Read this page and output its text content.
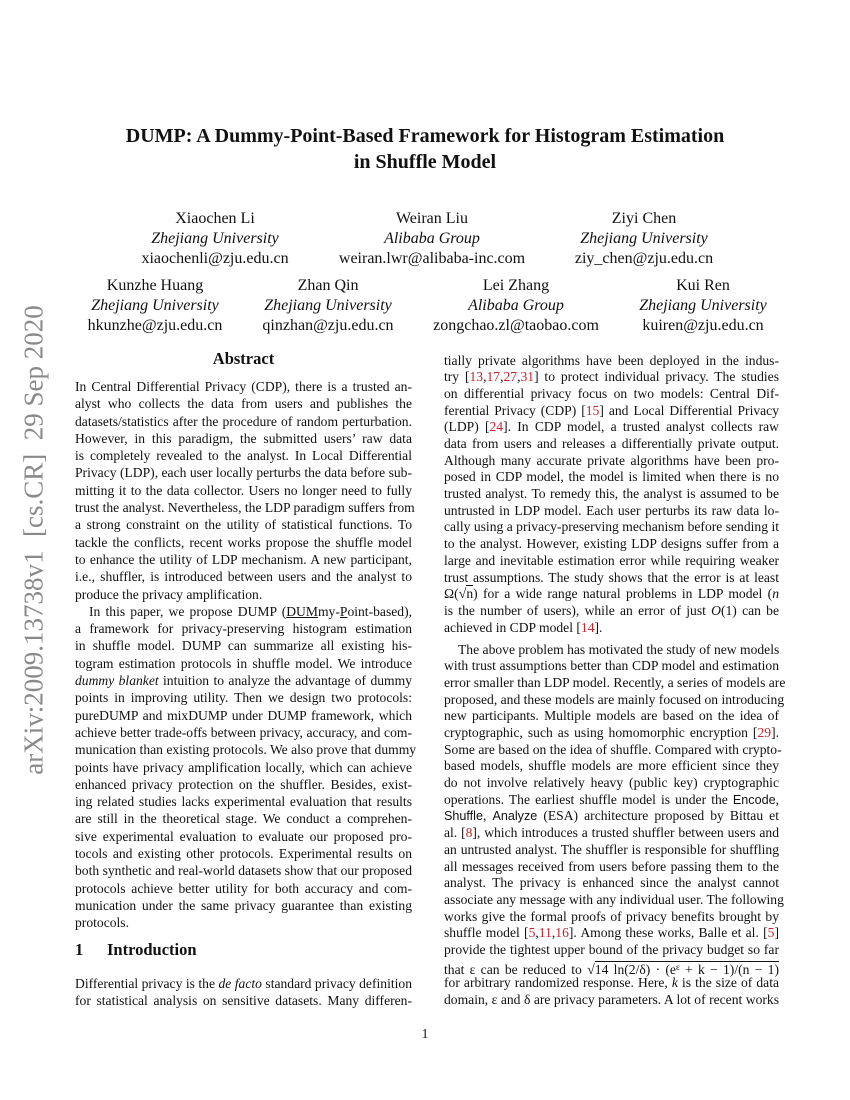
arXiv:2009.13738v1  [cs.CR]  29 Sep 2020
DUMP: A Dummy-Point-Based Framework for Histogram Estimation
in Shuffle Model
Xiaochen Li
Zhejiang University
xiaochenli@zju.edu.cn
Weiran Liu
Alibaba Group
weiran.lwr@alibaba-inc.com
Ziyi Chen
Zhejiang University
ziy_chen@zju.edu.cn
Kunzhe Huang
Zhejiang University
hkunzhe@zju.edu.cn
Zhan Qin
Zhejiang University
qinzhan@zju.edu.cn
Lei Zhang
Alibaba Group
zongchao.zl@taobao.com
Kui Ren
Zhejiang University
kuiren@zju.edu.cn
Abstract
In Central Differential Privacy (CDP), there is a trusted an-
alyst who collects the data from users and publishes the
datasets/statistics after the procedure of random perturbation.
However, in this paradigm, the submitted users’ raw data
is completely revealed to the analyst. In Local Differential
Privacy (LDP), each user locally perturbs the data before sub-
mitting it to the data collector. Users no longer need to fully
trust the analyst. Nevertheless, the LDP paradigm suffers from
a strong constraint on the utility of statistical functions. To
tackle the conflicts, recent works propose the shuffle model
to enhance the utility of LDP mechanism. A new participant,
i.e., shuffler, is introduced between users and the analyst to
produce the privacy amplification.
In this paper, we propose DUMP (DUMmy-Point-based),
a framework for privacy-preserving histogram estimation
in shuffle model. DUMP can summarize all existing his-
togram estimation protocols in shuffle model. We introduce
dummy blanket intuition to analyze the advantage of dummy
points in improving utility. Then we design two protocols:
pureDUMP and mixDUMP under DUMP framework, which
achieve better trade-offs between privacy, accuracy, and com-
munication than existing protocols. We also prove that dummy
points have privacy amplification locally, which can achieve
enhanced privacy protection on the shuffler. Besides, exist-
ing related studies lacks experimental evaluation that results
are still in the theoretical stage. We conduct a comprehen-
sive experimental evaluation to evaluate our proposed pro-
tocols and existing other protocols. Experimental results on
both synthetic and real-world datasets show that our proposed
protocols achieve better utility for both accuracy and com-
munication under the same privacy guarantee than existing
protocols.
1 Introduction
Differential privacy is the de facto standard privacy definition
for statistical analysis on sensitive datasets. Many differen-
tially private algorithms have been deployed in the indus-
try [13,17,27,31] to protect individual privacy. The studies
on differential privacy focus on two models: Central Dif-
ferential Privacy (CDP) [15] and Local Differential Privacy
(LDP) [24]. In CDP model, a trusted analyst collects raw
data from users and releases a differentially private output.
Although many accurate private algorithms have been pro-
posed in CDP model, the model is limited when there is no
trusted analyst. To remedy this, the analyst is assumed to be
untrusted in LDP model. Each user perturbs its raw data lo-
cally using a privacy-preserving mechanism before sending it
to the analyst. However, existing LDP designs suffer from a
large and inevitable estimation error while requiring weaker
trust assumptions. The study shows that the error is at least
Ω(√n) for a wide range natural problems in LDP model (n
is the number of users), while an error of just O(1) can be
achieved in CDP model [14].
The above problem has motivated the study of new models
with trust assumptions better than CDP model and estimation
error smaller than LDP model. Recently, a series of models are
proposed, and these models are mainly focused on introducing
new participants. Multiple models are based on the idea of
cryptographic, such as using homomorphic encryption [29].
Some are based on the idea of shuffle. Compared with crypto-
based models, shuffle models are more efficient since they
do not involve relatively heavy (public key) cryptographic
operations. The earliest shuffle model is under the Encode,
Shuffle, Analyze (ESA) architecture proposed by Bittau et
al. [8], which introduces a trusted shuffler between users and
an untrusted analyst. The shuffler is responsible for shuffling
all messages received from users before passing them to the
analyst. The privacy is enhanced since the analyst cannot
associate any message with any individual user. The following
works give the formal proofs of privacy benefits brought by
shuffle model [5,11,16]. Among these works, Balle et al. [5]
provide the tightest upper bound of the privacy budget so far
that ε can be reduced to √14 $\ln(2/\delta) \cdot (e^\varepsilon + k - 1)/(n - 1)$
for arbitrary randomized response. Here, k is the size of data
domain, ε and δ are privacy parameters. A lot of recent works
1
